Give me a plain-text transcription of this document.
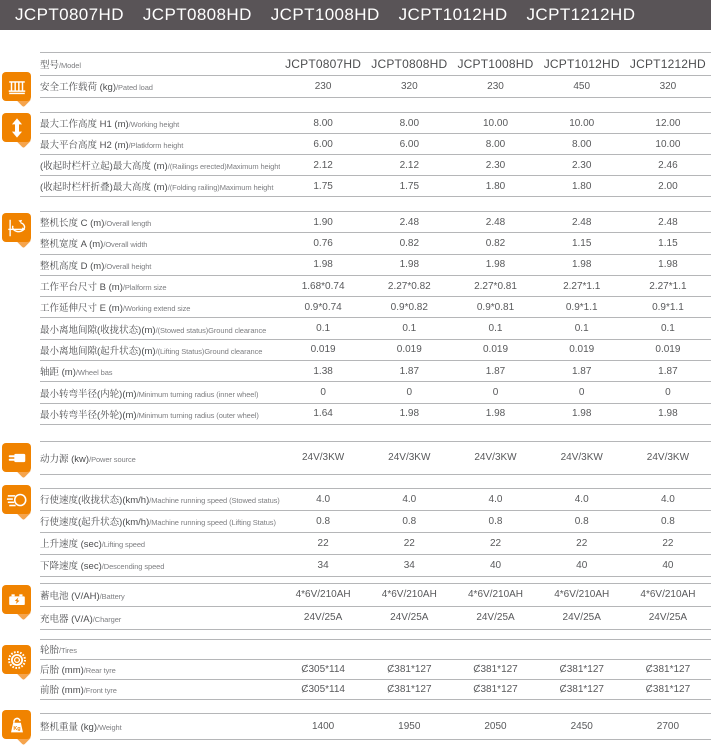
JCPT0807HD JCPT0808HD JCPT1008HD JCPT1012HD JCPT1212HD
Kg
型号 / Model	JCPT0807HD JCPT0808HD JCPT1008HD JCPT1012HD JCPT1212HD
安全工作载荷 (kg) / Pated load	230	320	230	450	320
最大工作高度 H1 (m) / Working height	8.00	8.00	10.00	10.00	12.00
最大平台高度 H2 (m) / Platkform height	6.00	6.00	8.00	8.00	10.00
(收起时栏杆立起)最大高度 (m) / (Railings erected)Maximum height	2.12	2.12	2.30	2.30	2.46
(收起时栏杆折叠)最大高度 (m) / (Folding railing)Maximum height	1.75	1.75	1.80	1.80	2.00
整机长度 C (m) / Overall length	1.90	2.48	2.48	2.48	2.48
整机宽度 A (m) / Overall width	0.76	0.82	0.82	1.15	1.15
整机高度 D (m) / Overall height	1.98	1.98	1.98	1.98	1.98
工作平台尺寸 B (m) / Plalform size	1.68*0.74	2.27*0.82	2.27*0.81	2.27*1.1	2.27*1.1
工作延伸尺寸 E (m) / Working extend size	0.9*0.74	0.9*0.82	0.9*0.81	0.9*1.1	0.9*1.1
最小离地间隙(收拢状态)(m) / (Stowed status)Ground clearance	0.1	0.1	0.1	0.1	0.1
最小离地间隙(起升状态)(m) / (Lifting Status)Ground clearance	0.019	0.019	0.019	0.019	0.019
轴距 (m) / Wheel bas	1.38	1.87	1.87	1.87	1.87
最小转弯半径(内轮)(m) / Minimum turning radius (inner wheel)	0	0	0	0	0
最小转弯半径(外轮)(m) / Minimum turning radius (outer wheel)	1.64	1.98	1.98	1.98	1.98
动力源 (kw) / Power source	24V/3KW	24V/3KW	24V/3KW	24V/3KW	24V/3KW
行使速度(收拢状态)(km/h) / Machine running speed (Stowed status)	4.0	4.0	4.0	4.0	4.0
行使速度(起升状态)(km/h) / Machine running speed (Lifting Status)	0.8	0.8	0.8	0.8	0.8
上升速度 (sec) / Lifting speed	22	22	22	22	22
下降速度 (sec) / Descending speed	34	34	40	40	40
蓄电池 (V/AH) / Battery	4*6V/210AH	4*6V/210AH	4*6V/210AH	4*6V/210AH	4*6V/210AH
充电器 (V/A) / Charger	24V/25A	24V/25A	24V/25A	24V/25A	24V/25A
轮胎 / Tires
后胎 (mm) / Rear tyre	Ȼ305*114	Ȼ381*127	Ȼ381*127	Ȼ381*127	Ȼ381*127
前胎 (mm) / Front tyre	Ȼ305*114	Ȼ381*127	Ȼ381*127	Ȼ381*127	Ȼ381*127
整机重量 (kg) / Weight	1400	1950	2050	2450	2700
